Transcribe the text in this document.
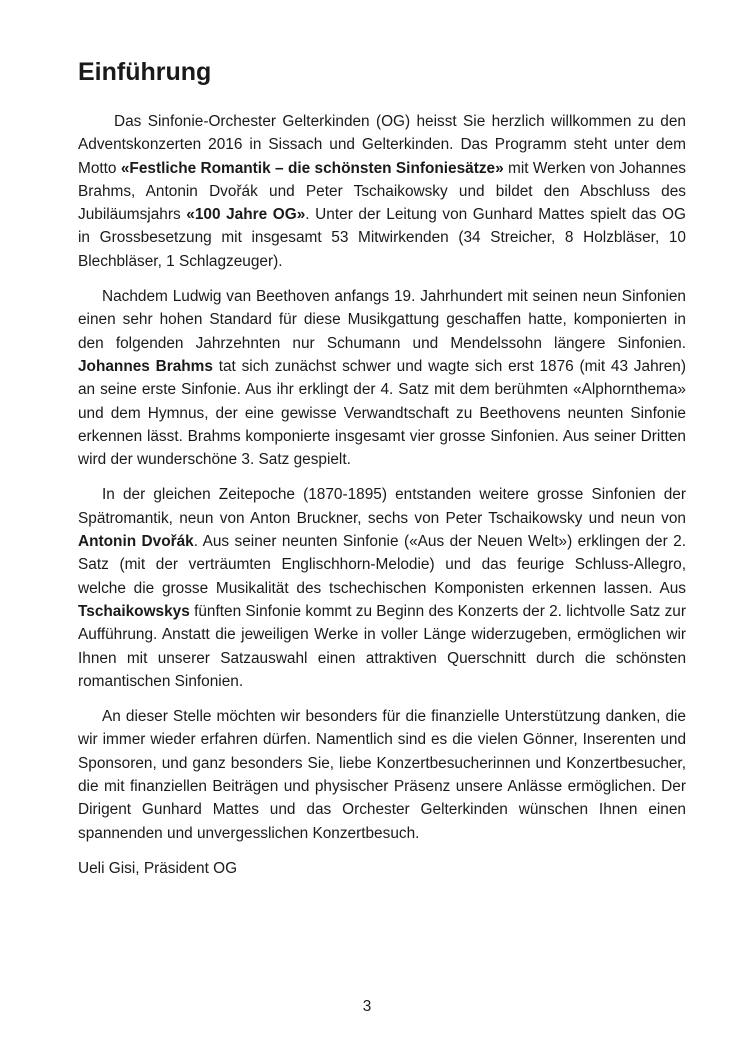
Einführung

Das Sinfonie-Orchester Gelterkinden (OG) heisst Sie herzlich willkommen zu den Adventskonzerten 2016 in Sissach und Gelterkinden. Das Programm steht unter dem Motto «Festliche Romantik – die schönsten Sinfoniesätze» mit Werken von Johannes Brahms, Antonin Dvořák und Peter Tschaikowsky und bildet den Abschluss des Jubiläumsjahrs «100 Jahre OG». Unter der Leitung von Gunhard Mattes spielt das OG in Grossbesetzung mit insgesamt 53 Mitwirkenden (34 Streicher, 8 Holzbläser, 10 Blechbläser, 1 Schlagzeuger).

Nachdem Ludwig van Beethoven anfangs 19. Jahrhundert mit seinen neun Sinfonien einen sehr hohen Standard für diese Musikgattung geschaffen hatte, komponierten in den folgenden Jahrzehnten nur Schumann und Mendelssohn längere Sinfonien. Johannes Brahms tat sich zunächst schwer und wagte sich erst 1876 (mit 43 Jahren) an seine erste Sinfonie. Aus ihr erklingt der 4. Satz mit dem berühmten «Alphornthema» und dem Hymnus, der eine gewisse Verwandtschaft zu Beethovens neunten Sinfonie erkennen lässt. Brahms komponierte insgesamt vier grosse Sinfonien. Aus seiner Dritten wird der wunderschöne 3. Satz gespielt.

In der gleichen Zeitepoche (1870-1895) entstanden weitere grosse Sinfonien der Spätromantik, neun von Anton Bruckner, sechs von Peter Tschaikowsky und neun von Antonin Dvořák. Aus seiner neunten Sinfonie («Aus der Neuen Welt») erklingen der 2. Satz (mit der verträumten Englischhorn-Melodie) und das feurige Schluss-Allegro, welche die grosse Musikalität des tschechischen Komponisten erkennen lassen. Aus Tschaikowskys fünften Sinfonie kommt zu Beginn des Konzerts der 2. lichtvolle Satz zur Aufführung. Anstatt die jeweiligen Werke in voller Länge widerzugeben, ermöglichen wir Ihnen mit unserer Satzauswahl einen attraktiven Querschnitt durch die schönsten romantischen Sinfonien.

An dieser Stelle möchten wir besonders für die finanzielle Unterstützung danken, die wir immer wieder erfahren dürfen. Namentlich sind es die vielen Gönner, Inserenten und Sponsoren, und ganz besonders Sie, liebe Konzertbesucherinnen und Konzertbesucher, die mit finanziellen Beiträgen und physischer Präsenz unsere Anlässe ermöglichen. Der Dirigent Gunhard Mattes und das Orchester Gelterkinden wünschen Ihnen einen spannenden und unvergesslichen Konzertbesuch.

Ueli Gisi, Präsident OG

3
